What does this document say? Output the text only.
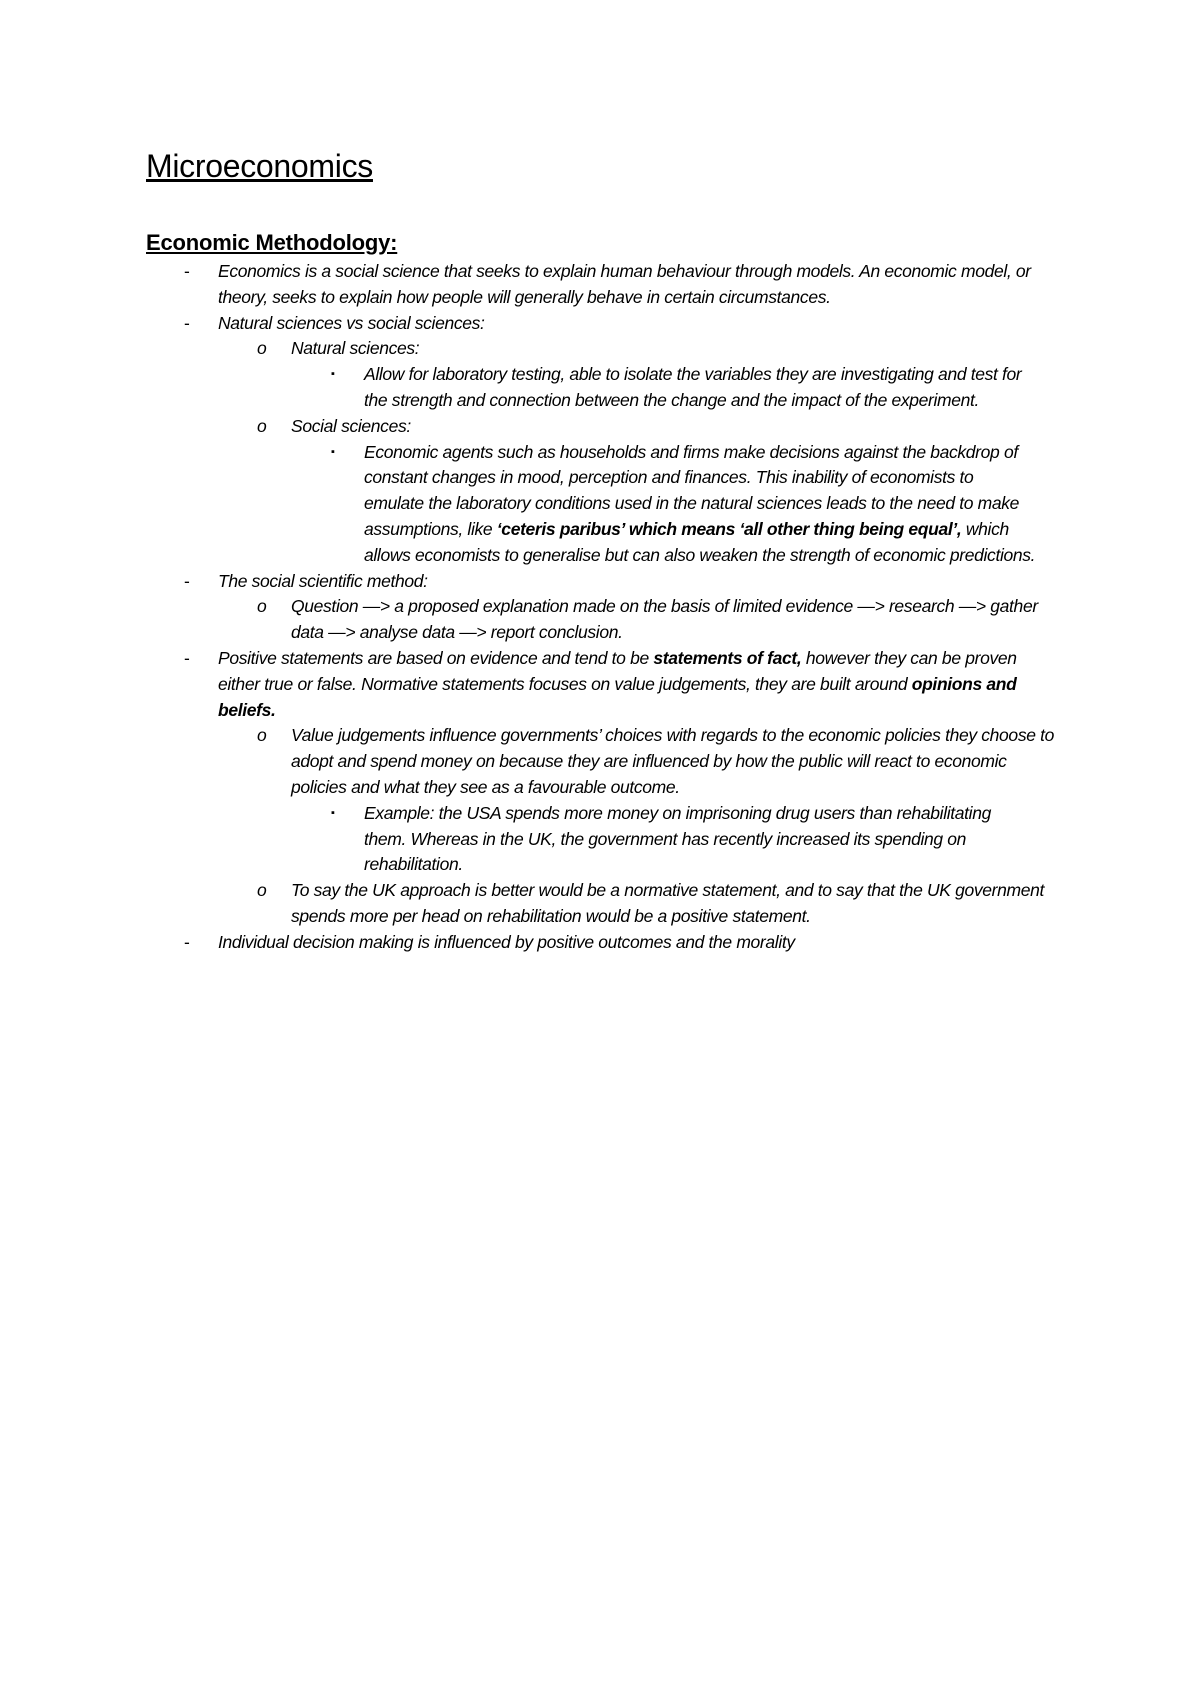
Microeconomics
Economic Methodology:
- Economics is a social science that seeks to explain human behaviour through models. An economic model, or theory, seeks to explain how people will generally behave in certain circumstances.
- Natural sciences vs social sciences:
o Natural sciences:
▪ Allow for laboratory testing, able to isolate the variables they are investigating and test for the strength and connection between the change and the impact of the experiment.
o Social sciences:
▪ Economic agents such as households and firms make decisions against the backdrop of constant changes in mood, perception and finances. This inability of economists to emulate the laboratory conditions used in the natural sciences leads to the need to make assumptions, like ‘ceteris paribus’ which means ‘all other thing being equal’, which allows economists to generalise but can also weaken the strength of economic predictions.
- The social scientific method:
o Question —> a proposed explanation made on the basis of limited evidence —> research —> gather data —> analyse data —> report conclusion.
- Positive statements are based on evidence and tend to be statements of fact, however they can be proven either true or false. Normative statements focuses on value judgements, they are built around opinions and beliefs.
o Value judgements influence governments’ choices with regards to the economic policies they choose to adopt and spend money on because they are influenced by how the public will react to economic policies and what they see as a favourable outcome.
▪ Example: the USA spends more money on imprisoning drug users than rehabilitating them. Whereas in the UK, the government has recently increased its spending on rehabilitation.
o To say the UK approach is better would be a normative statement, and to say that the UK government spends more per head on rehabilitation would be a positive statement.
- Individual decision making is influenced by positive outcomes and the morality
